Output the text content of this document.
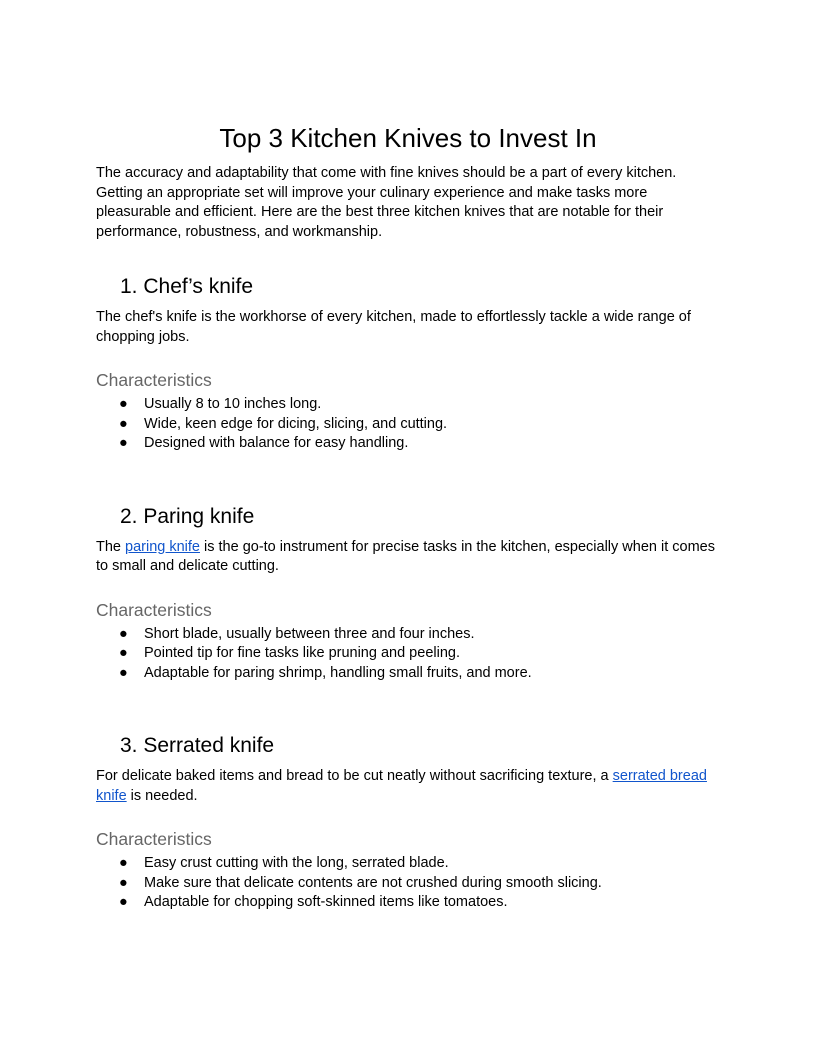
Top 3 Kitchen Knives to Invest In

The accuracy and adaptability that come with fine knives should be a part of every kitchen. Getting an appropriate set will improve your culinary experience and make tasks more pleasurable and efficient. Here are the best three kitchen knives that are notable for their performance, robustness, and workmanship.

1. Chef’s knife

The chef's knife is the workhorse of every kitchen, made to effortlessly tackle a wide range of chopping jobs.

Characteristics
● Usually 8 to 10 inches long.
● Wide, keen edge for dicing, slicing, and cutting.
● Designed with balance for easy handling.
2. Paring knife

The paring knife is the go-to instrument for precise tasks in the kitchen, especially when it comes to small and delicate cutting.

Characteristics
● Short blade, usually between three and four inches.
● Pointed tip for fine tasks like pruning and peeling.
● Adaptable for paring shrimp, handling small fruits, and more.
3. Serrated knife

For delicate baked items and bread to be cut neatly without sacrificing texture, a serrated bread knife is needed.

Characteristics
● Easy crust cutting with the long, serrated blade.
● Make sure that delicate contents are not crushed during smooth slicing.
● Adaptable for chopping soft-skinned items like tomatoes.
